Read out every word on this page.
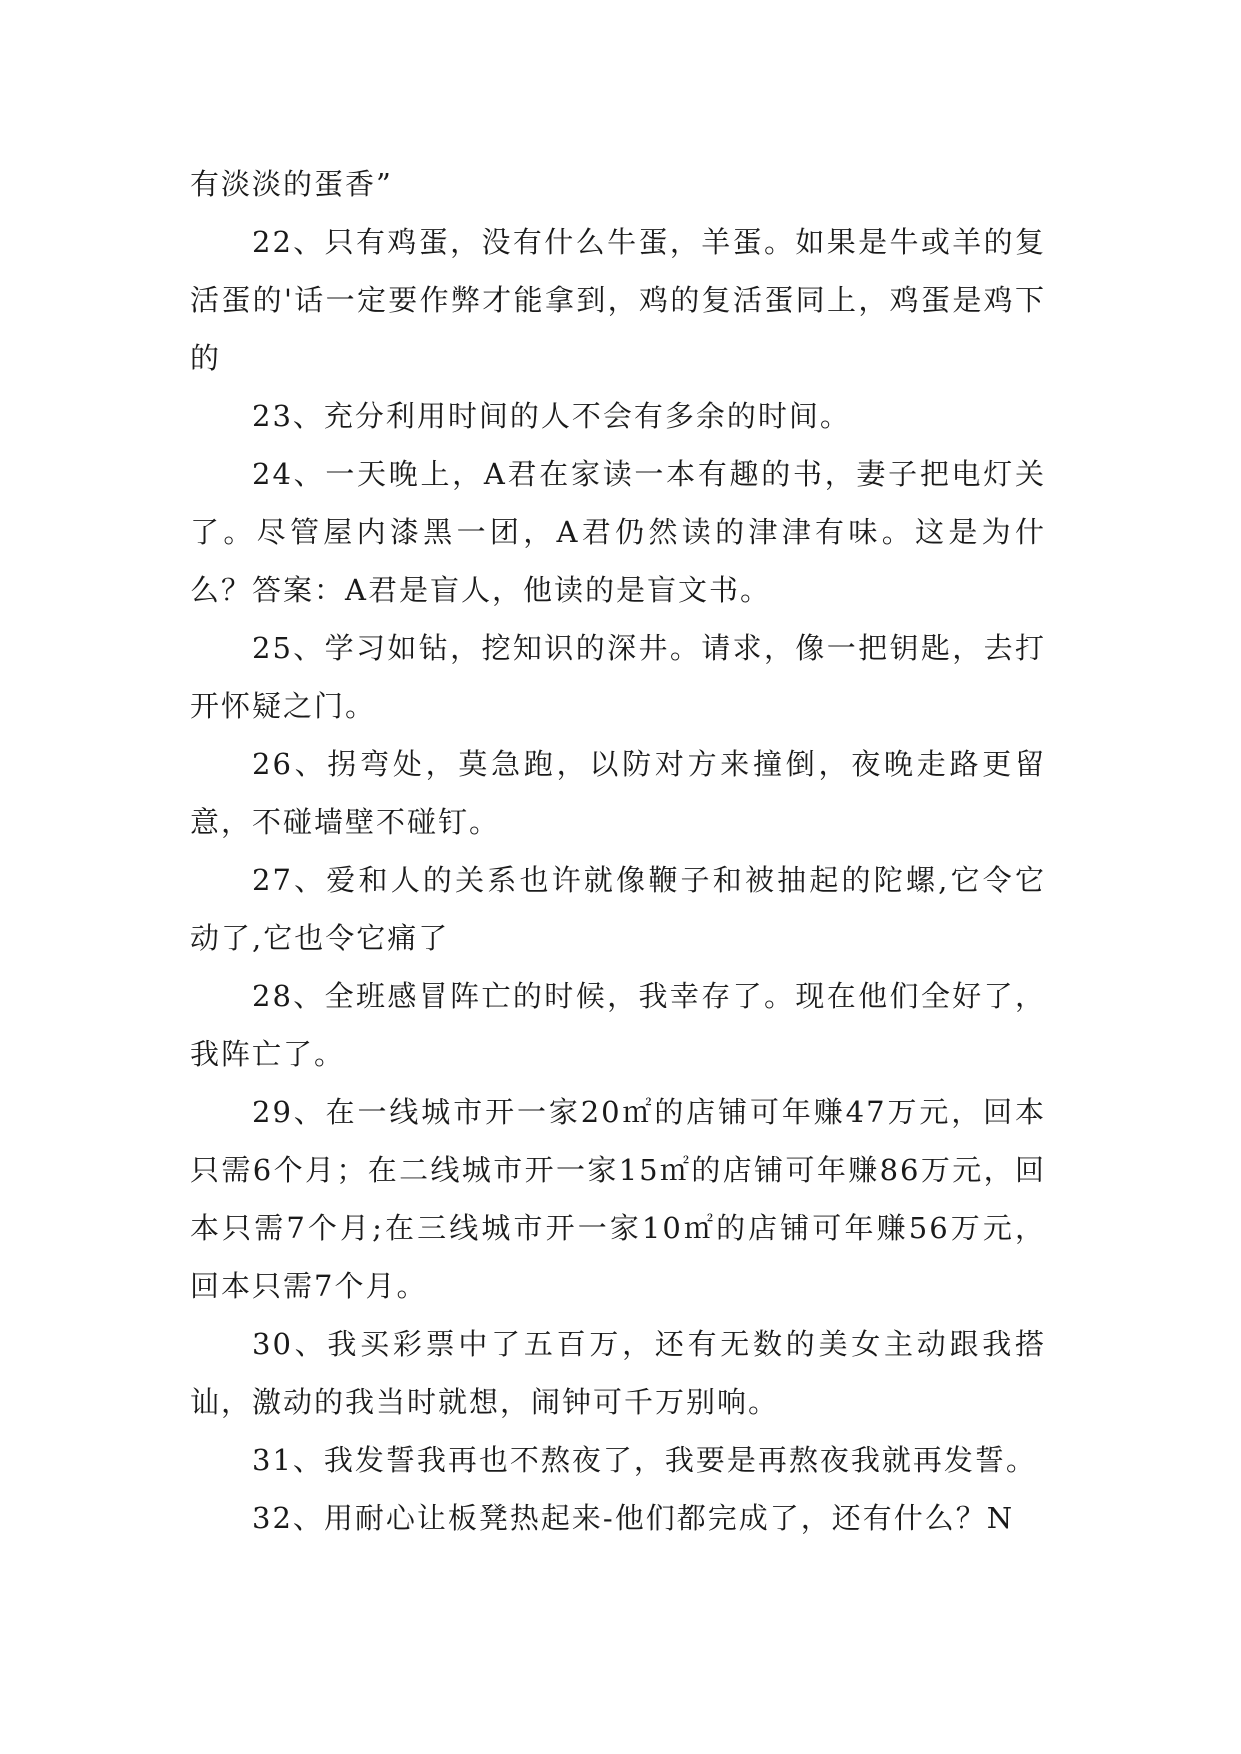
有淡淡的蛋香”

22、只有鸡蛋，没有什么牛蛋，羊蛋。如果是牛或羊的复活蛋的'话一定要作弊才能拿到，鸡的复活蛋同上，鸡蛋是鸡下的

23、充分利用时间的人不会有多余的时间。

24、一天晚上，A君在家读一本有趣的书，妻子把电灯关了。尽管屋内漆黑一团，A君仍然读的津津有味。这是为什么？答案：A君是盲人，他读的是盲文书。

25、学习如钻，挖知识的深井。请求，像一把钥匙，去打开怀疑之门。

26、拐弯处，莫急跑，以防对方来撞倒，夜晚走路更留意，不碰墙壁不碰钉。

27、爱和人的关系也许就像鞭子和被抽起的陀螺,它令它动了,它也令它痛了

28、全班感冒阵亡的时候，我幸存了。现在他们全好了，我阵亡了。

29、在一线城市开一家20㎡的店铺可年赚47万元，回本只需6个月；在二线城市开一家15㎡的店铺可年赚86万元，回本只需7个月;在三线城市开一家10㎡的店铺可年赚56万元，回本只需7个月。

30、我买彩票中了五百万，还有无数的美女主动跟我搭讪，激动的我当时就想，闹钟可千万别响。

31、我发誓我再也不熬夜了，我要是再熬夜我就再发誓。

32、用耐心让板凳热起来-他们都完成了，还有什么？N
